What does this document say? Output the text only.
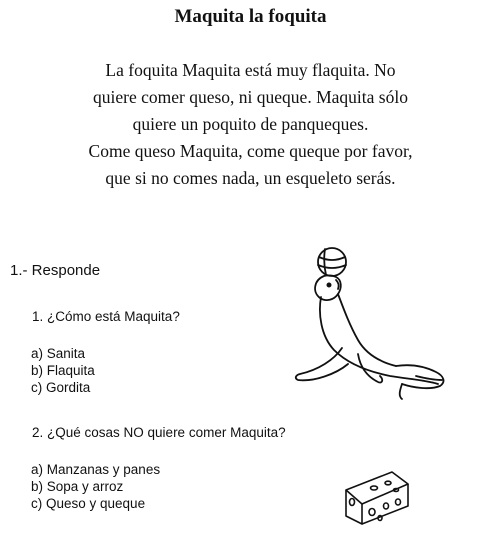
Maquita la foquita
La foquita Maquita está muy flaquita. No
quiere comer queso, ni queque. Maquita sólo
quiere un poquito de panqueques.
Come queso Maquita, come queque por favor,
que si no comes nada, un esqueleto serás.
1.- Responde
1. ¿Cómo está Maquita?
a) Sanita
b) Flaquita
c) Gordita
2. ¿Qué cosas NO quiere comer Maquita?
a) Manzanas y panes
b) Sopa y arroz
c) Queso y queque
